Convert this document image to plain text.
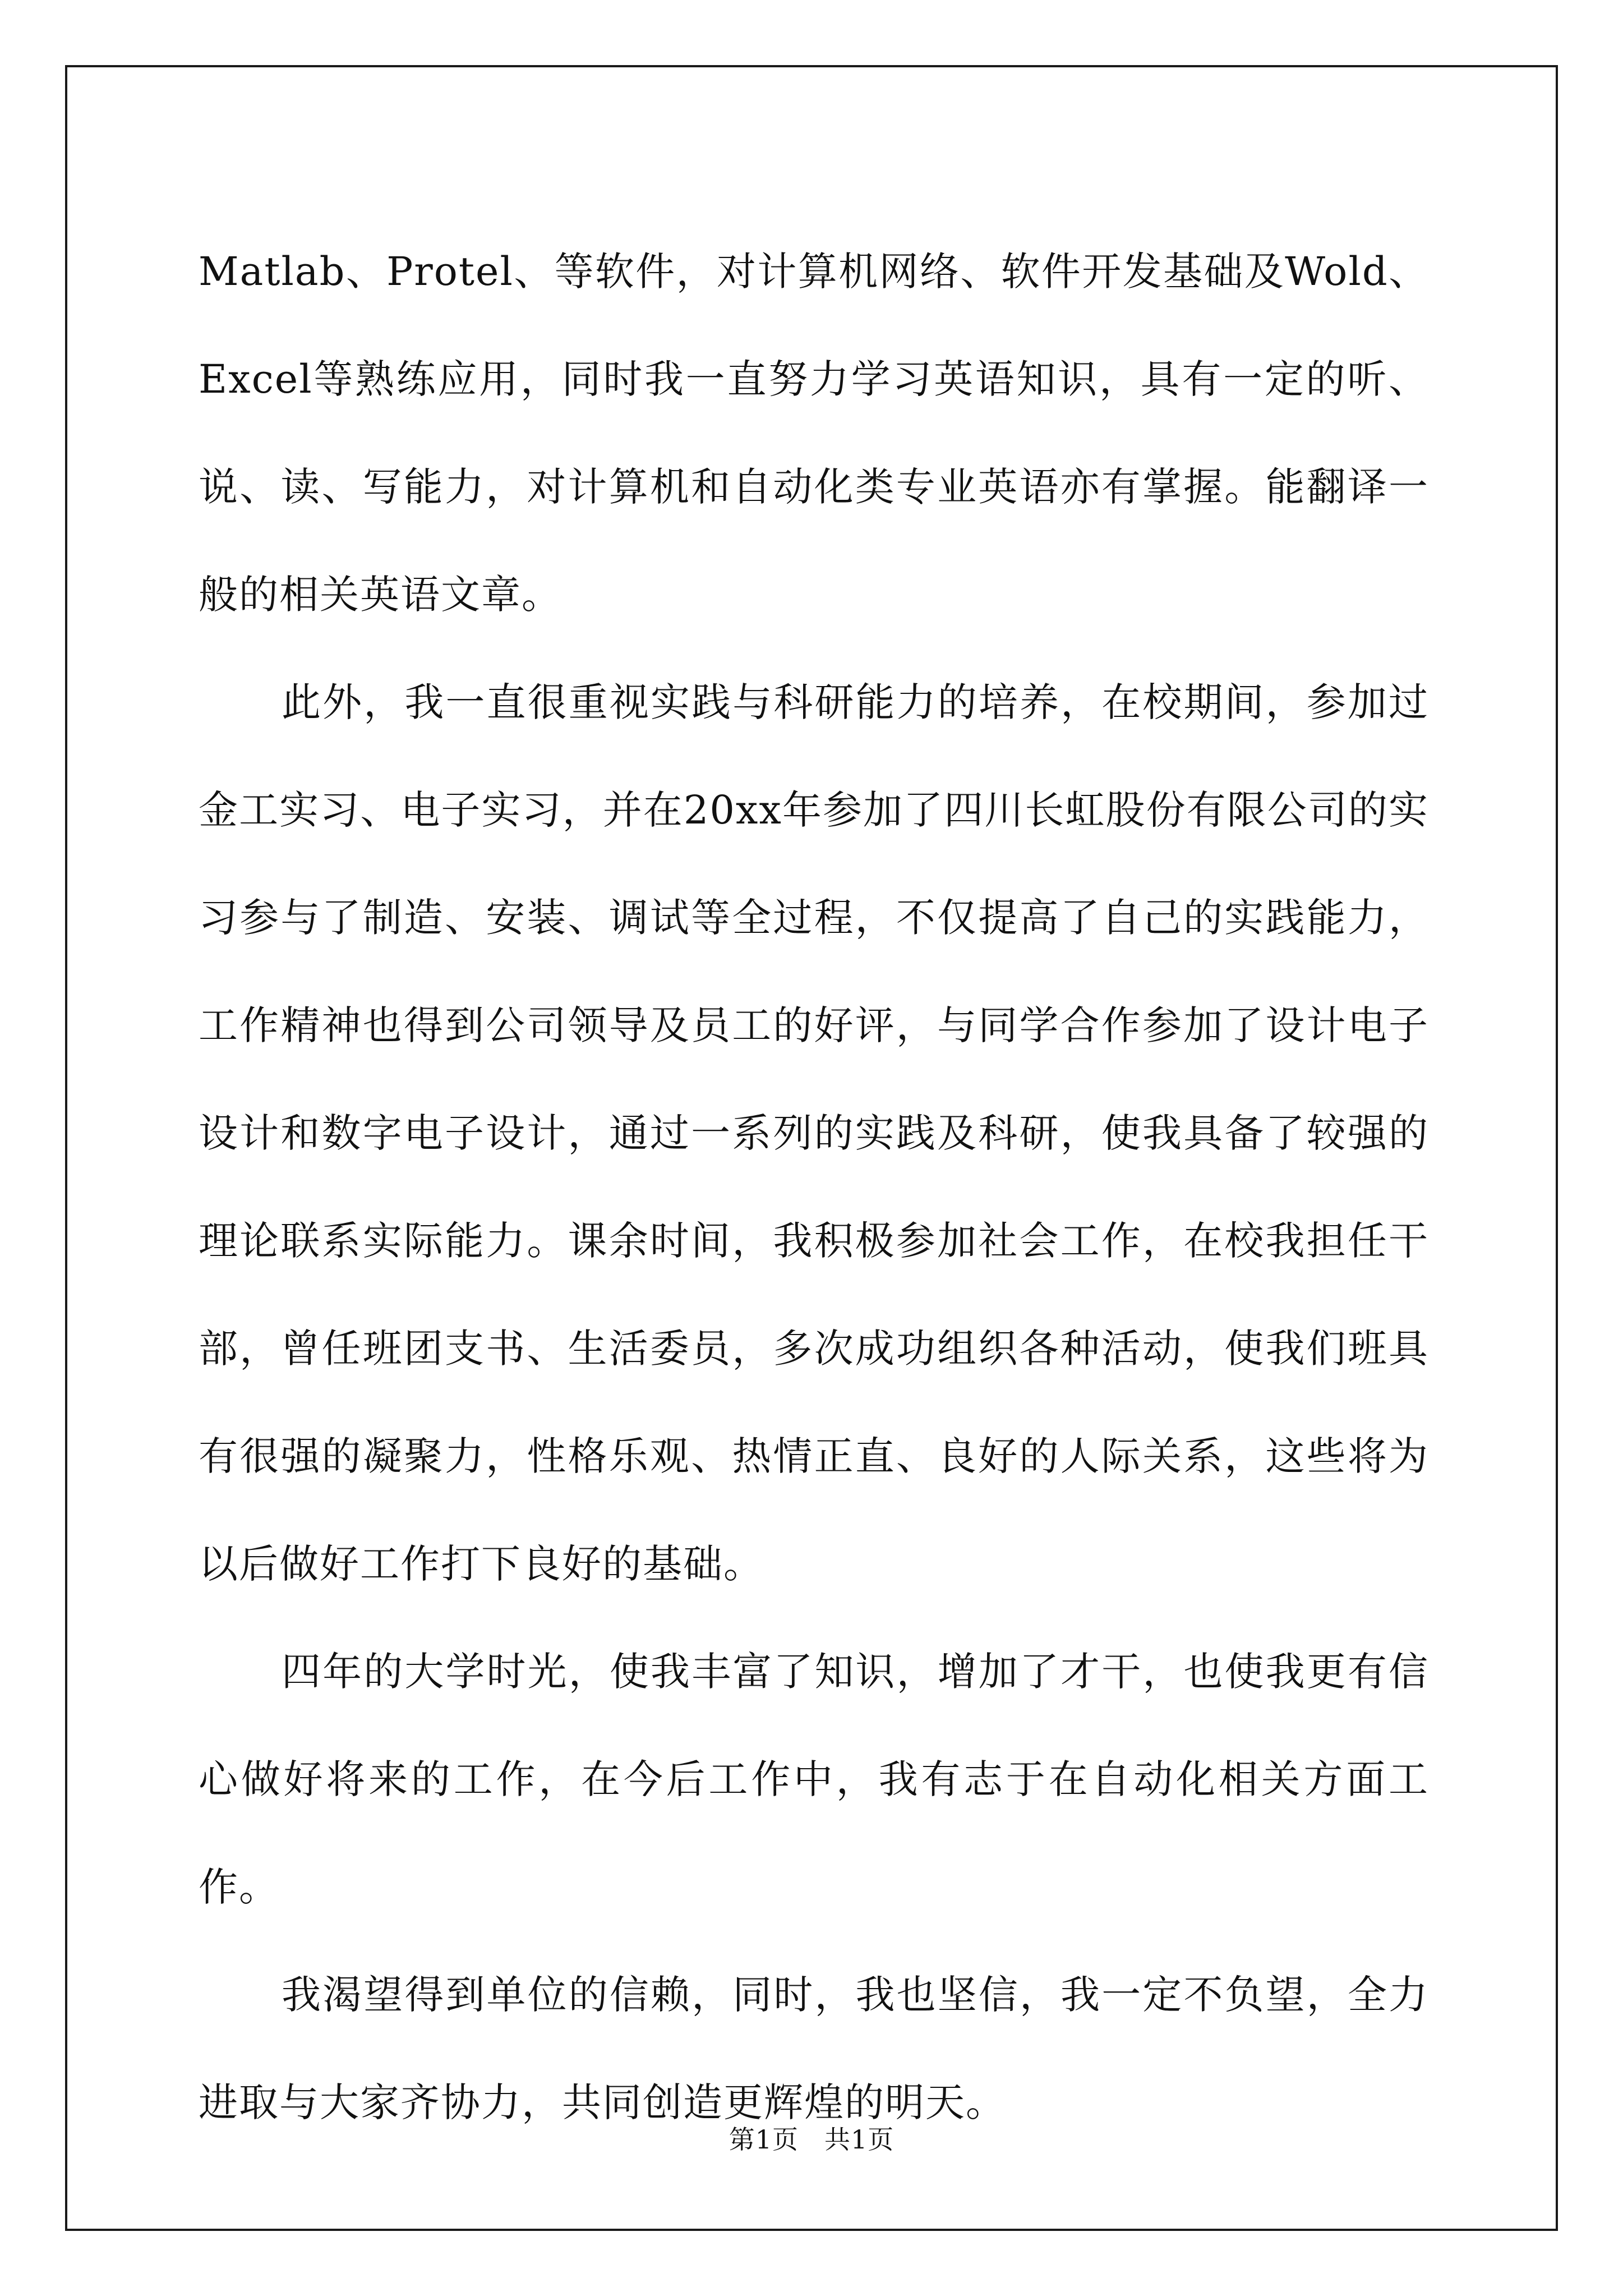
Matlab、Protel、等软件，对计算机网络、软件开发基础及Wold、Excel等熟练应用，同时我一直努力学习英语知识，具有一定的听、说、读、写能力，对计算机和自动化类专业英语亦有掌握。能翻译一般的相关英语文章。

此外，我一直很重视实践与科研能力的培养，在校期间，参加过金工实习、电子实习，并在20xx年参加了四川长虹股份有限公司的实习参与了制造、安装、调试等全过程，不仅提高了自己的实践能力，工作精神也得到公司领导及员工的好评，与同学合作参加了设计电子设计和数字电子设计，通过一系列的实践及科研，使我具备了较强的理论联系实际能力。课余时间，我积极参加社会工作，在校我担任干部，曾任班团支书、生活委员，多次成功组织各种活动，使我们班具有很强的凝聚力，性格乐观、热情正直、良好的人际关系，这些将为以后做好工作打下良好的基础。

四年的大学时光，使我丰富了知识，增加了才干，也使我更有信心做好将来的工作，在今后工作中，我有志于在自动化相关方面工作。

我渴望得到单位的信赖，同时，我也坚信，我一定不负望，全力进取与大家齐协力，共同创造更辉煌的明天。

第1页 共1页
